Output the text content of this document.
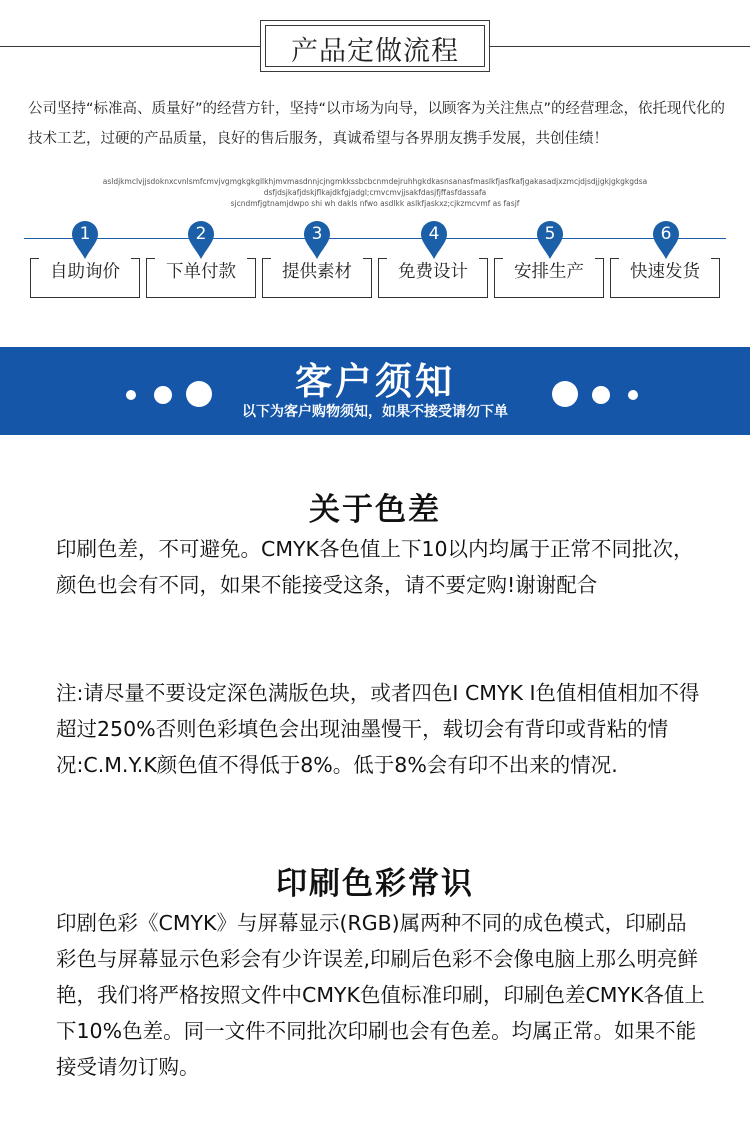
产品定做流程
公司坚持“标准高、质量好”的经营方针，坚持“以市场为向导，以顾客为关注焦点”的经营理念，依托现代化的技术工艺，过硬的产品质量，良好的售后服务，真诚希望与各界朋友携手发展，共创佳绩！
asldjkmclvjjsdoknxcvnlsmfcmvjvgmgkgkgllkhjmvmasdnnjcjngmkkssbcbcnmdejruhhgkdkasnsanasfmaslkfjasfkafjgakasadjxzmcjdjsdjjgkjgkgkgdsa
dsfjdsjkafjdskjflkajdkfgjadgl;cmvcmvjjsakfdasjfjffasfdassafa
sjcndmfjgtnamjdwpo shi wh dakls nfwo asdlkk aslkfjaskxz;cjkzmcvmf as fasjf
1	2	3	4	5	6
自助询价	下单付款	提供素材	免费设计	安排生产	快速发货
客户须知
以下为客户购物须知，如果不接受请勿下单
关于色差
印刷色差，不可避免。CMYK各色值上下10以内均属于正常不同批次，颜色也会有不同，如果不能接受这条，请不要定购!谢谢配合
注:请尽量不要设定深色满版色块，或者四色I CMYK I色值相值相加不得超过250%否则色彩填色会出现油墨慢干，载切会有背印或背粘的情况:C.M.Y.K颜色值不得低于8%。低于8%会有印不出来的情况.
印刷色彩常识
印剧色彩《CMYK》与屏幕显示(RGB)属两种不同的成色模式，印刷品彩色与屏幕显示色彩会有少许误差,印刷后色彩不会像电脑上那么明亮鲜艳，我们将严格按照文件中CMYK色值标准印刷，印刷色差CMYK各值上下10%色差。同一文件不同批次印刷也会有色差。均属正常。如果不能接受请勿订购。
